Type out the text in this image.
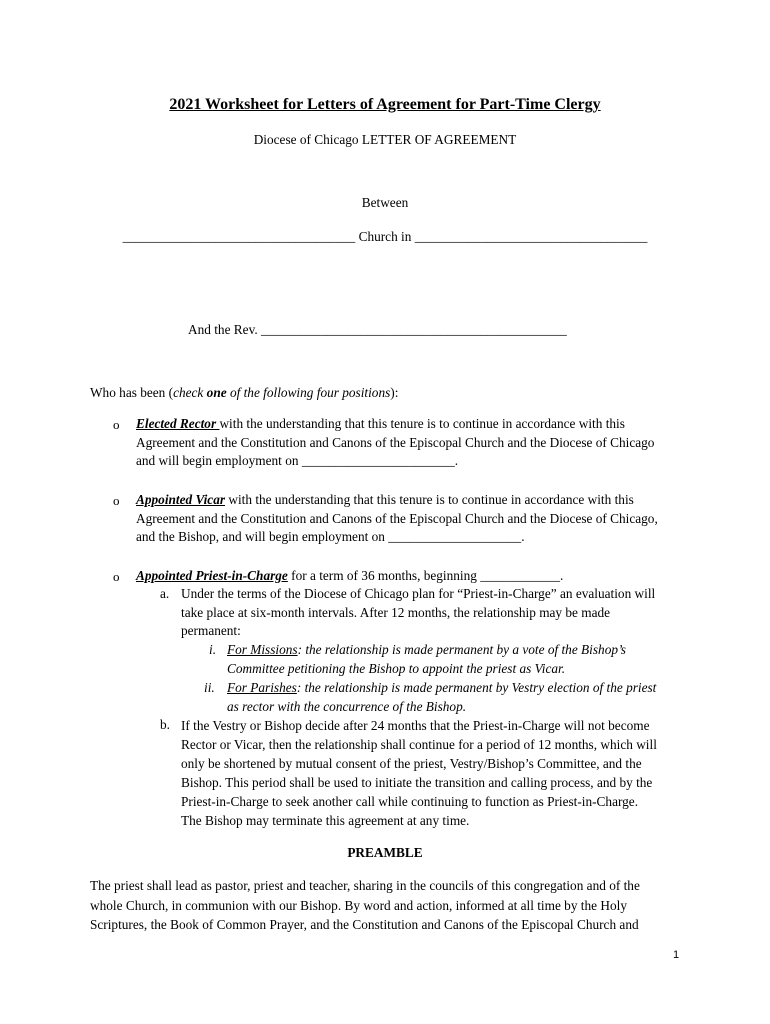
2021 Worksheet for Letters of Agreement for Part-Time Clergy
Diocese of Chicago LETTER OF AGREEMENT
Between
___________________________________ Church in ___________________________________
And the Rev. ______________________________________________
Who has been (check one of the following four positions):
o Elected Rector with the understanding that this tenure is to continue in accordance with this
Agreement and the Constitution and Canons of the Episcopal Church and the Diocese of Chicago
and will begin employment on _______________________.
o Appointed Vicar with the understanding that this tenure is to continue in accordance with this
Agreement and the Constitution and Canons of the Episcopal Church and the Diocese of Chicago,
and the Bishop, and will begin employment on ____________________.
o Appointed Priest-in-Charge for a term of 36 months, beginning ____________.
a. Under the terms of the Diocese of Chicago plan for “Priest-in-Charge” an evaluation will
take place at six-month intervals. After 12 months, the relationship may be made
permanent:
i. For Missions: the relationship is made permanent by a vote of the Bishop’s
Committee petitioning the Bishop to appoint the priest as Vicar.
ii. For Parishes: the relationship is made permanent by Vestry election of the priest
as rector with the concurrence of the Bishop.
b. If the Vestry or Bishop decide after 24 months that the Priest-in-Charge will not become
Rector or Vicar, then the relationship shall continue for a period of 12 months, which will
only be shortened by mutual consent of the priest, Vestry/Bishop’s Committee, and the
Bishop. This period shall be used to initiate the transition and calling process, and by the
Priest-in-Charge to seek another call while continuing to function as Priest-in-Charge.
The Bishop may terminate this agreement at any time.
PREAMBLE
The priest shall lead as pastor, priest and teacher, sharing in the councils of this congregation and of the
whole Church, in communion with our Bishop. By word and action, informed at all time by the Holy
Scriptures, the Book of Common Prayer, and the Constitution and Canons of the Episcopal Church and
1
